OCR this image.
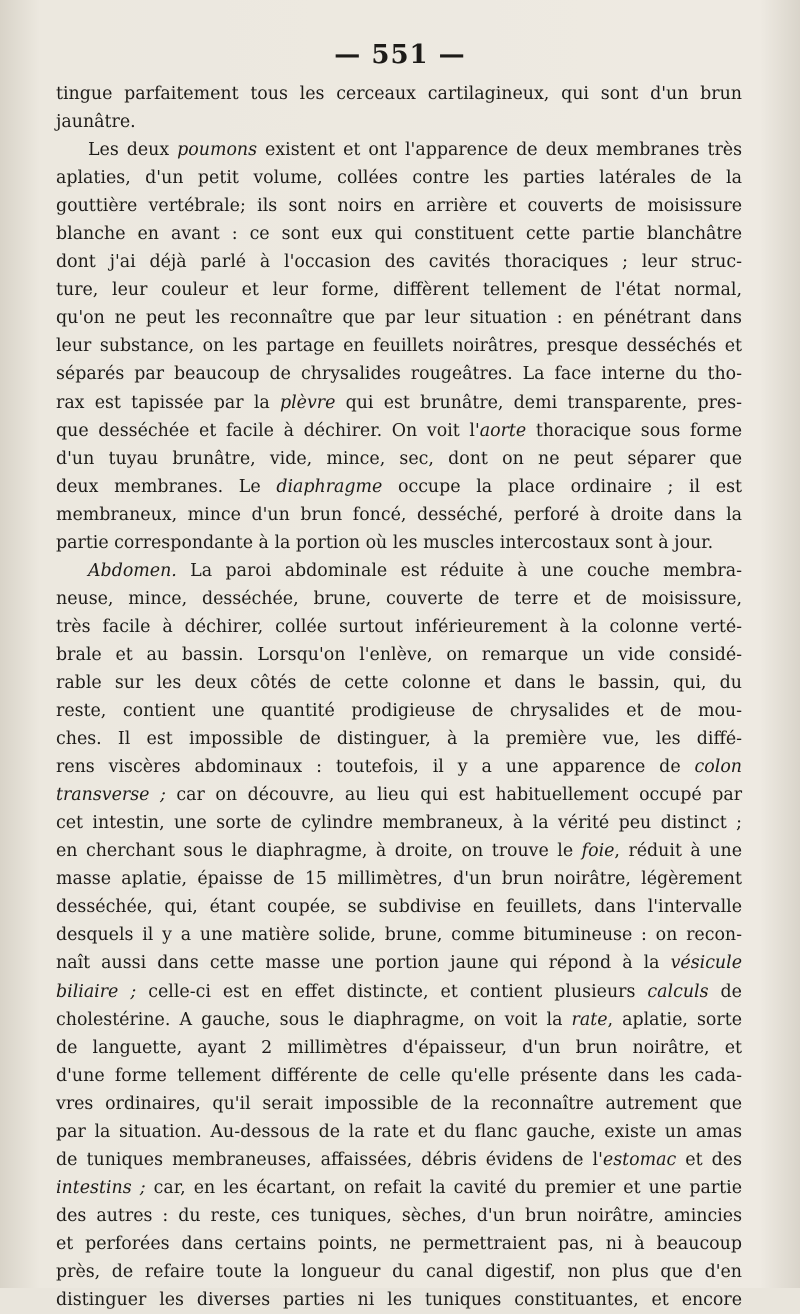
— 551 —
tingue parfaitement tous les cerceaux cartilagineux, qui sont d'un brun
jaunâtre.
Les deux poumons existent et ont l'apparence de deux membranes très
aplaties, d'un petit volume, collées contre les parties latérales de la
gouttière vertébrale; ils sont noirs en arrière et couverts de moisissure
blanche en avant : ce sont eux qui constituent cette partie blanchâtre
dont j'ai déjà parlé à l'occasion des cavités thoraciques ; leur struc-
ture, leur couleur et leur forme, diffèrent tellement de l'état normal,
qu'on ne peut les reconnaître que par leur situation : en pénétrant dans
leur substance, on les partage en feuillets noirâtres, presque desséchés et
séparés par beaucoup de chrysalides rougeâtres. La face interne du tho-
rax est tapissée par la plèvre qui est brunâtre, demi transparente, pres-
que desséchée et facile à déchirer. On voit l'aorte thoracique sous forme
d'un tuyau brunâtre, vide, mince, sec, dont on ne peut séparer que
deux membranes. Le diaphragme occupe la place ordinaire ; il est
membraneux, mince d'un brun foncé, desséché, perforé à droite dans la
partie correspondante à la portion où les muscles intercostaux sont à jour.
Abdomen. La paroi abdominale est réduite à une couche membra-
neuse, mince, desséchée, brune, couverte de terre et de moisissure,
très facile à déchirer, collée surtout inférieurement à la colonne verté-
brale et au bassin. Lorsqu'on l'enlève, on remarque un vide considé-
rable sur les deux côtés de cette colonne et dans le bassin, qui, du
reste, contient une quantité prodigieuse de chrysalides et de mou-
ches. Il est impossible de distinguer, à la première vue, les diffé-
rens viscères abdominaux : toutefois, il y a une apparence de colon
transverse ; car on découvre, au lieu qui est habituellement occupé par
cet intestin, une sorte de cylindre membraneux, à la vérité peu distinct ;
en cherchant sous le diaphragme, à droite, on trouve le foie, réduit à une
masse aplatie, épaisse de 15 millimètres, d'un brun noirâtre, légèrement
desséchée, qui, étant coupée, se subdivise en feuillets, dans l'intervalle
desquels il y a une matière solide, brune, comme bitumineuse : on recon-
naît aussi dans cette masse une portion jaune qui répond à la vésicule
biliaire ; celle-ci est en effet distincte, et contient plusieurs calculs de
cholestérine. A gauche, sous le diaphragme, on voit la rate, aplatie, sorte
de languette, ayant 2 millimètres d'épaisseur, d'un brun noirâtre, et
d'une forme tellement différente de celle qu'elle présente dans les cada-
vres ordinaires, qu'il serait impossible de la reconnaître autrement que
par la situation. Au-dessous de la rate et du flanc gauche, existe un amas
de tuniques membraneuses, affaissées, débris évidens de l'estomac et des
intestins ; car, en les écartant, on refait la cavité du premier et une partie
des autres : du reste, ces tuniques, sèches, d'un brun noirâtre, amincies
et perforées dans certains points, ne permettraient pas, ni à beaucoup
près, de refaire toute la longueur du canal digestif, non plus que d'en
distinguer les diverses parties ni les tuniques constituantes, et encore
